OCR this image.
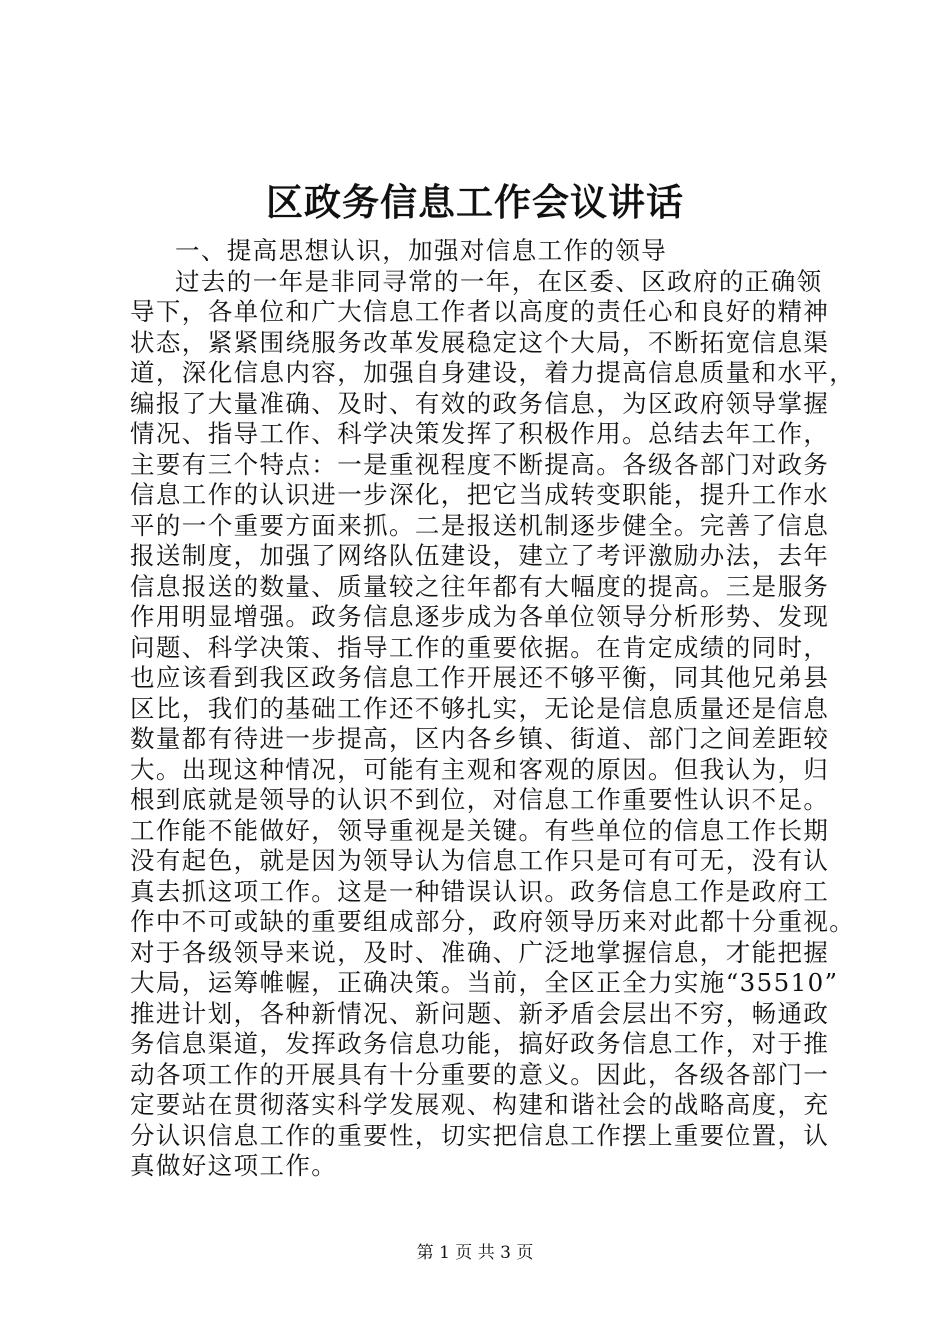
区政务信息工作会议讲话
一、提高思想认识，加强对信息工作的领导
过去的一年是非同寻常的一年，在区委、区政府的正确领
导下，各单位和广大信息工作者以高度的责任心和良好的精神
状态，紧紧围绕服务改革发展稳定这个大局，不断拓宽信息渠
道，深化信息内容，加强自身建设，着力提高信息质量和水平，
编报了大量准确、及时、有效的政务信息，为区政府领导掌握
情况、指导工作、科学决策发挥了积极作用。总结去年工作，
主要有三个特点：一是重视程度不断提高。各级各部门对政务
信息工作的认识进一步深化，把它当成转变职能，提升工作水
平的一个重要方面来抓。二是报送机制逐步健全。完善了信息
报送制度，加强了网络队伍建设，建立了考评激励办法，去年
信息报送的数量、质量较之往年都有大幅度的提高。三是服务
作用明显增强。政务信息逐步成为各单位领导分析形势、发现
问题、科学决策、指导工作的重要依据。在肯定成绩的同时，
也应该看到我区政务信息工作开展还不够平衡，同其他兄弟县
区比，我们的基础工作还不够扎实，无论是信息质量还是信息
数量都有待进一步提高，区内各乡镇、街道、部门之间差距较
大。出现这种情况，可能有主观和客观的原因。但我认为，归
根到底就是领导的认识不到位，对信息工作重要性认识不足。
工作能不能做好，领导重视是关键。有些单位的信息工作长期
没有起色，就是因为领导认为信息工作只是可有可无，没有认
真去抓这项工作。这是一种错误认识。政务信息工作是政府工
作中不可或缺的重要组成部分，政府领导历来对此都十分重视。
对于各级领导来说，及时、准确、广泛地掌握信息，才能把握
大局，运筹帷幄，正确决策。当前，全区正全力实施“35510”
推进计划，各种新情况、新问题、新矛盾会层出不穷，畅通政
务信息渠道，发挥政务信息功能，搞好政务信息工作，对于推
动各项工作的开展具有十分重要的意义。因此，各级各部门一
定要站在贯彻落实科学发展观、构建和谐社会的战略高度，充
分认识信息工作的重要性，切实把信息工作摆上重要位置，认
真做好这项工作。
第 1 页 共 3 页
